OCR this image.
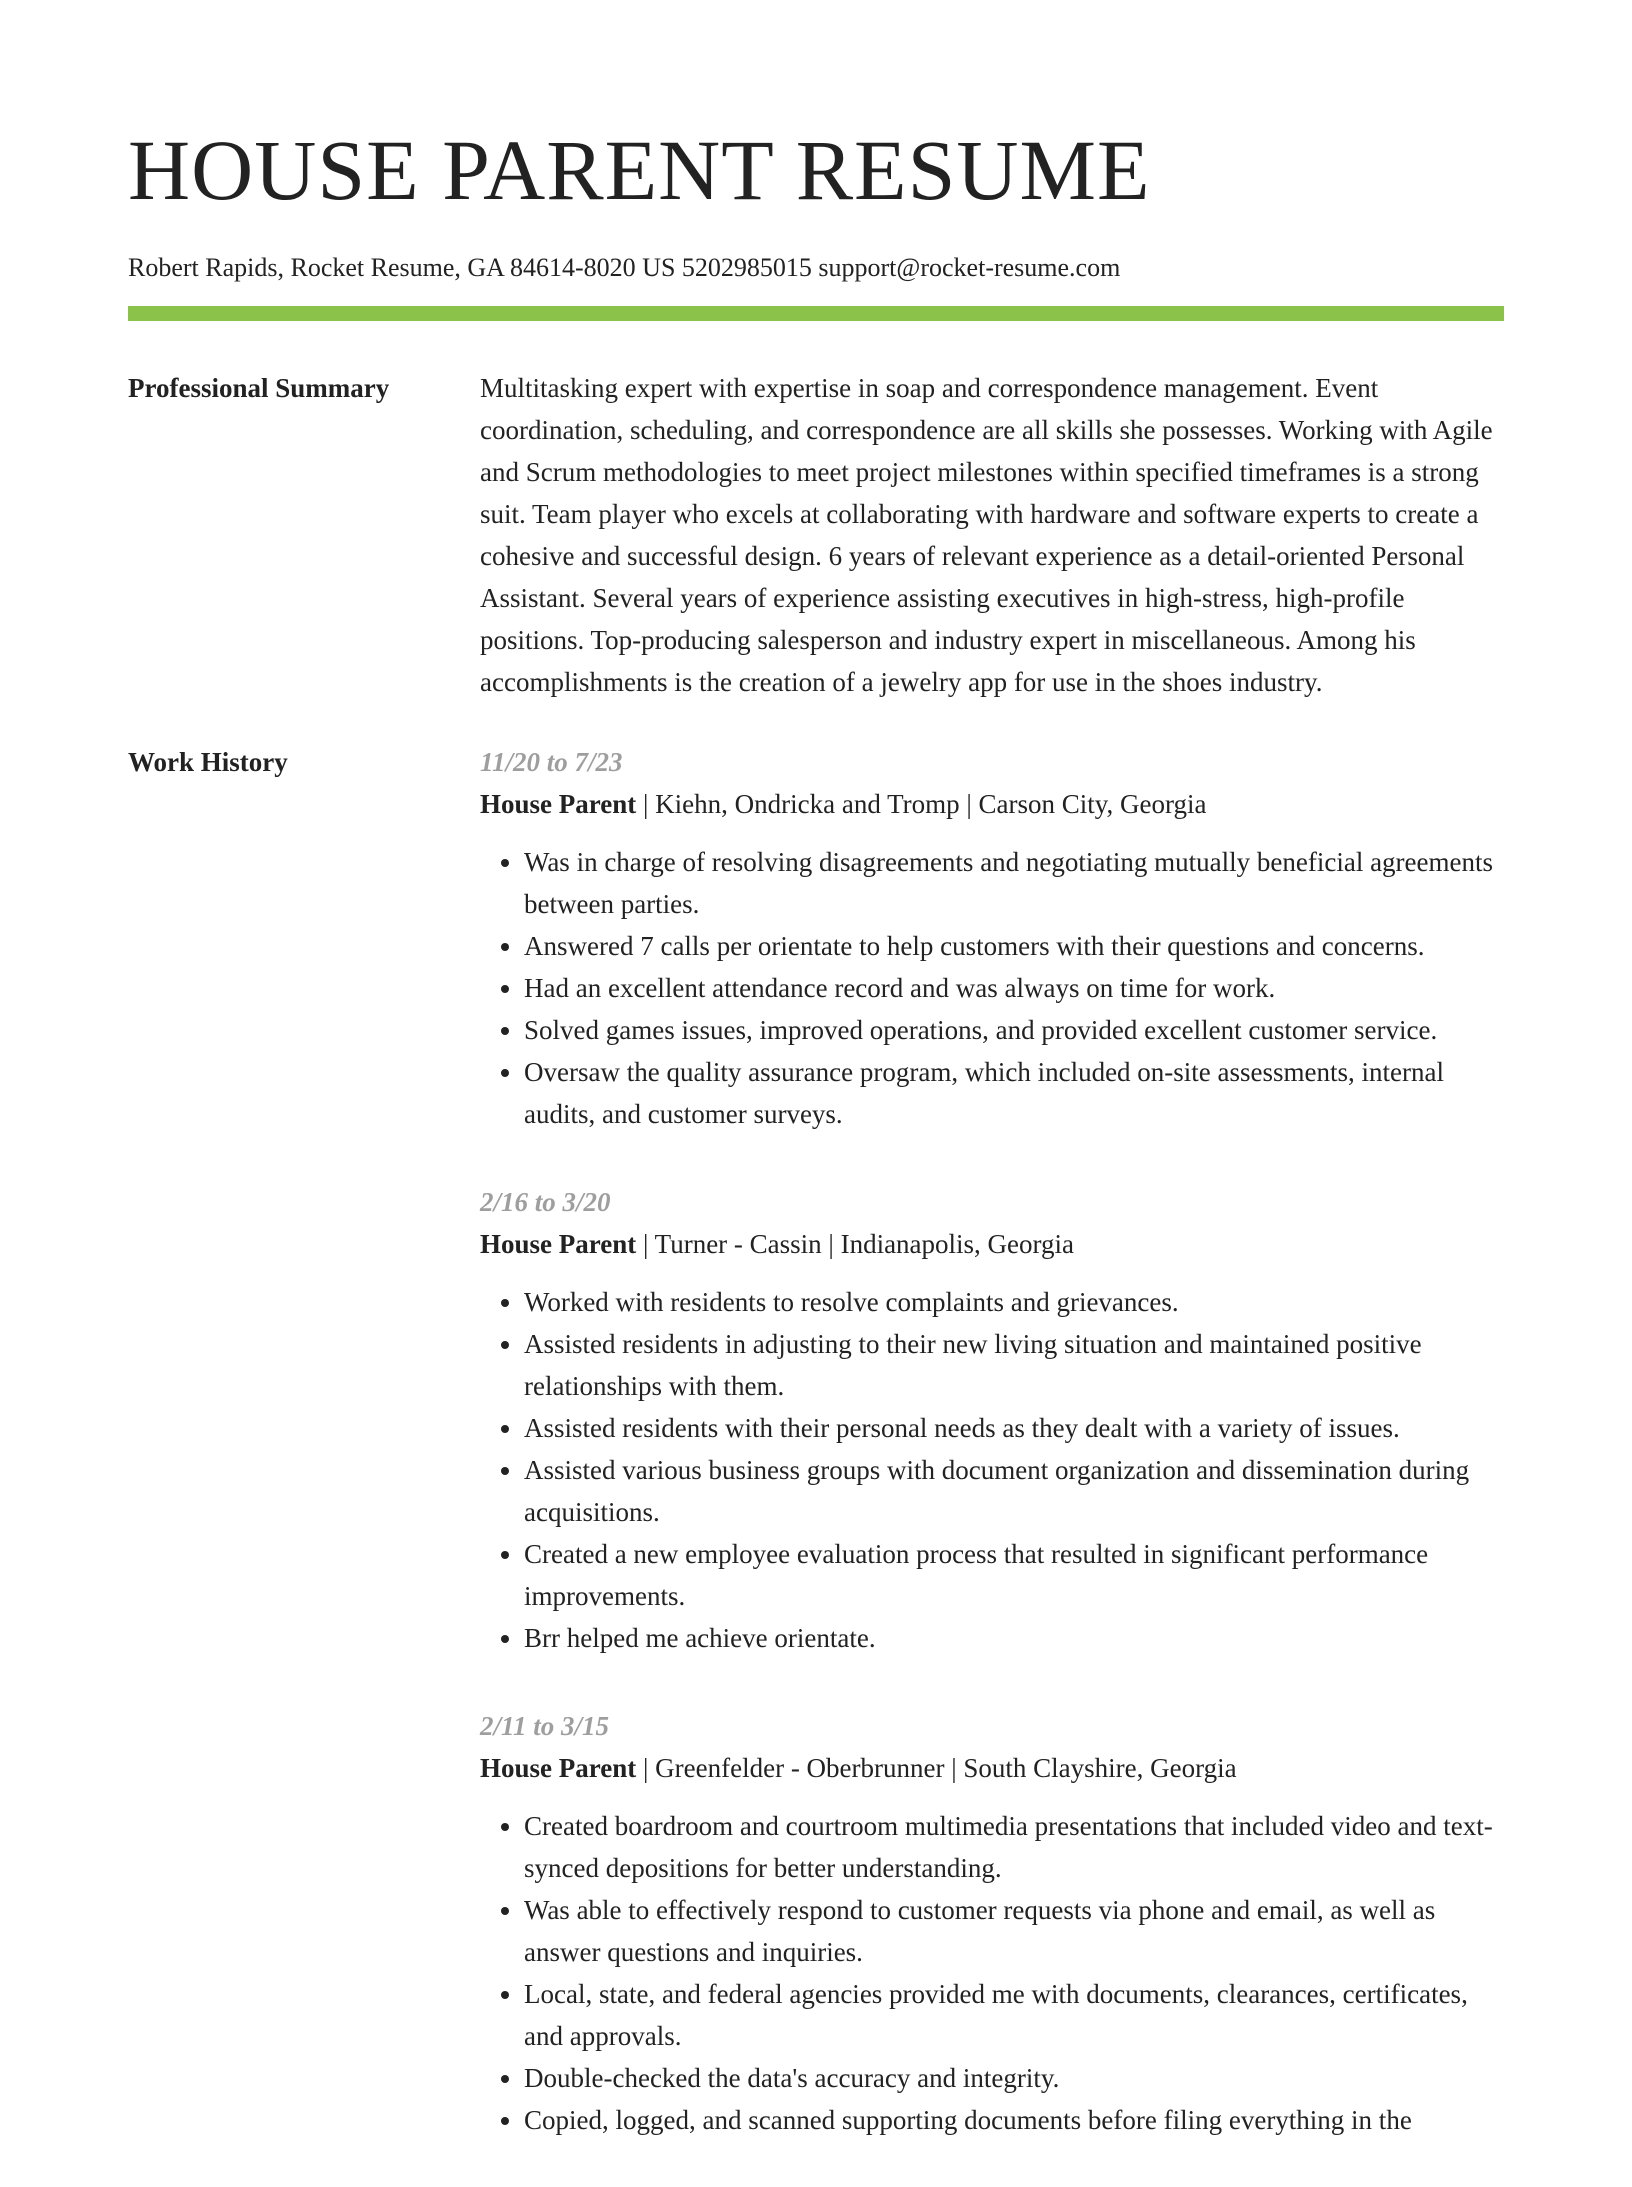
HOUSE PARENT RESUME
Robert Rapids, Rocket Resume, GA 84614-8020 US 5202985015 support@rocket-resume.com
Professional Summary	Multitasking expert with expertise in soap and correspondence management. Event coordination, scheduling, and correspondence are all skills she possesses. Working with Agile and Scrum methodologies to meet project milestones within specified timeframes is a strong suit. Team player who excels at collaborating with hardware and software experts to create a cohesive and successful design. 6 years of relevant experience as a detail-oriented Personal Assistant. Several years of experience assisting executives in high-stress, high-profile positions. Top-producing salesperson and industry expert in miscellaneous. Among his accomplishments is the creation of a jewelry app for use in the shoes industry.

Work History	11/20 to 7/23
House Parent | Kiehn, Ondricka and Tromp | Carson City, Georgia
• Was in charge of resolving disagreements and negotiating mutually beneficial agreements between parties.
• Answered 7 calls per orientate to help customers with their questions and concerns.
• Had an excellent attendance record and was always on time for work.
• Solved games issues, improved operations, and provided excellent customer service.
• Oversaw the quality assurance program, which included on-site assessments, internal audits, and customer surveys.
2/16 to 3/20
House Parent | Turner - Cassin | Indianapolis, Georgia
• Worked with residents to resolve complaints and grievances.
• Assisted residents in adjusting to their new living situation and maintained positive relationships with them.
• Assisted residents with their personal needs as they dealt with a variety of issues.
• Assisted various business groups with document organization and dissemination during acquisitions.
• Created a new employee evaluation process that resulted in significant performance improvements.
• Brr helped me achieve orientate.
2/11 to 3/15
House Parent | Greenfelder - Oberbrunner | South Clayshire, Georgia
• Created boardroom and courtroom multimedia presentations that included video and text-synced depositions for better understanding.
• Was able to effectively respond to customer requests via phone and email, as well as answer questions and inquiries.
• Local, state, and federal agencies provided me with documents, clearances, certificates, and approvals.
• Double-checked the data's accuracy and integrity.
• Copied, logged, and scanned supporting documents before filing everything in the
